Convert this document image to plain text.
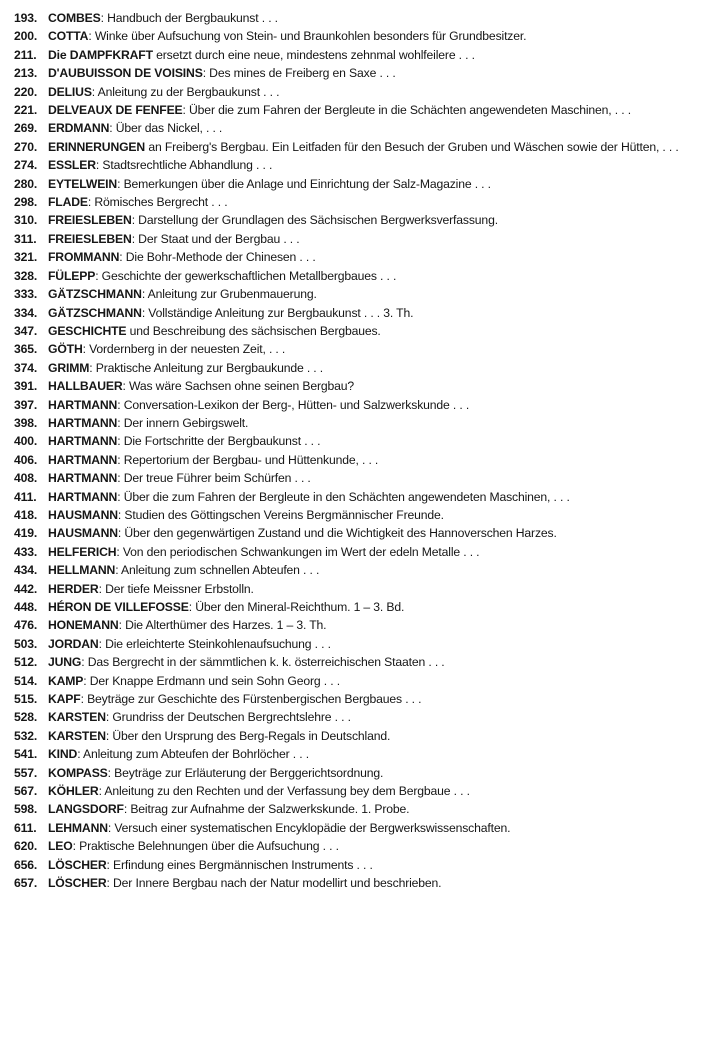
193. COMBES: Handbuch der Bergbaukunst . . .
200. COTTA: Winke über Aufsuchung von Stein- und Braunkohlen besonders für Grundbesitzer.
211. Die DAMPFKRAFT ersetzt durch eine neue, mindestens zehnmal wohlfeilere . . .
213. D'AUBUISSON DE VOISINS: Des mines de Freiberg en Saxe . . .
220. DELIUS: Anleitung zu der Bergbaukunst . . .
221. DELVEAUX DE FENFEE: Über die zum Fahren der Bergleute in die Schächten angewendeten Maschinen, . . .
269. ERDMANN: Über das Nickel, . . .
270. ERINNERUNGEN an Freiberg's Bergbau. Ein Leitfaden für den Besuch der Gruben und Wäschen sowie der Hütten, . . .
274. ESSLER: Stadtsrechtliche Abhandlung . . .
280. EYTELWEIN: Bemerkungen über die Anlage und Einrichtung der Salz-Magazine . . .
298. FLADE: Römisches Bergrecht . . .
310. FREIESLEBEN: Darstellung der Grundlagen des Sächsischen Bergwerksverfassung.
311. FREIESLEBEN: Der Staat und der Bergbau . . .
321. FROMMANN: Die Bohr-Methode der Chinesen . . .
328. FÜLEPP: Geschichte der gewerkschaftlichen Metallbergbaues . . .
333. GÄTZSCHMANN: Anleitung zur Grubenmauerung.
334. GÄTZSCHMANN: Vollständige Anleitung zur Bergbaukunst . . . 3. Th.
347. GESCHICHTE und Beschreibung des sächsischen Bergbaues.
365. GÖTH: Vordernberg in der neuesten Zeit, . . .
374. GRIMM: Praktische Anleitung zur Bergbaukunde . . .
391. HALLBAUER: Was wäre Sachsen ohne seinen Bergbau?
397. HARTMANN: Conversation-Lexikon der Berg-, Hütten- und Salzwerkskunde . . .
398. HARTMANN: Der innern Gebirgswelt.
400. HARTMANN: Die Fortschritte der Bergbaukunst . . .
406. HARTMANN: Repertorium der Bergbau- und Hüttenkunde, . . .
408. HARTMANN: Der treue Führer beim Schürfen . . .
411. HARTMANN: Über die zum Fahren der Bergleute in den Schächten angewendeten Maschinen, . . .
418. HAUSMANN: Studien des Göttingschen Vereins Bergmännischer Freunde.
419. HAUSMANN: Über den gegenwärtigen Zustand und die Wichtigkeit des Hannoverschen Harzes.
433. HELFERICH: Von den periodischen Schwankungen im Wert der edeln Metalle . . .
434. HELLMANN: Anleitung zum schnellen Abteufen . . .
442. HERDER: Der tiefe Meissner Erbstolln.
448. HÉRON DE VILLEFOSSE: Über den Mineral-Reichthum. 1 – 3. Bd.
476. HONEMANN: Die Alterthümer des Harzes. 1 – 3. Th.
503. JORDAN: Die erleichterte Steinkohlenaufsuchung . . .
512. JUNG: Das Bergrecht in der sämmtlichen k. k. österreichischen Staaten . . .
514. KAMP: Der Knappe Erdmann und sein Sohn Georg . . .
515. KAPF: Beyträge zur Geschichte des Fürstenbergischen Bergbaues . . .
528. KARSTEN: Grundriss der Deutschen Bergrechtslehre . . .
532. KARSTEN: Über den Ursprung des Berg-Regals in Deutschland.
541. KIND: Anleitung zum Abteufen der Bohrlöcher . . .
557. KOMPASS: Beyträge zur Erläuterung der Berggerichtsordnung.
567. KÖHLER: Anleitung zu den Rechten und der Verfassung bey dem Bergbaue . . .
598. LANGSDORF: Beitrag zur Aufnahme der Salzwerkskunde. 1. Probe.
611. LEHMANN: Versuch einer systematischen Encyklopädie der Bergwerkswissenschaften.
620. LEO: Praktische Belehnungen über die Aufsuchung . . .
656. LÖSCHER: Erfindung eines Bergmännischen Instruments . . .
657. LÖSCHER: Der Innere Bergbau nach der Natur modellirt und beschrieben.
